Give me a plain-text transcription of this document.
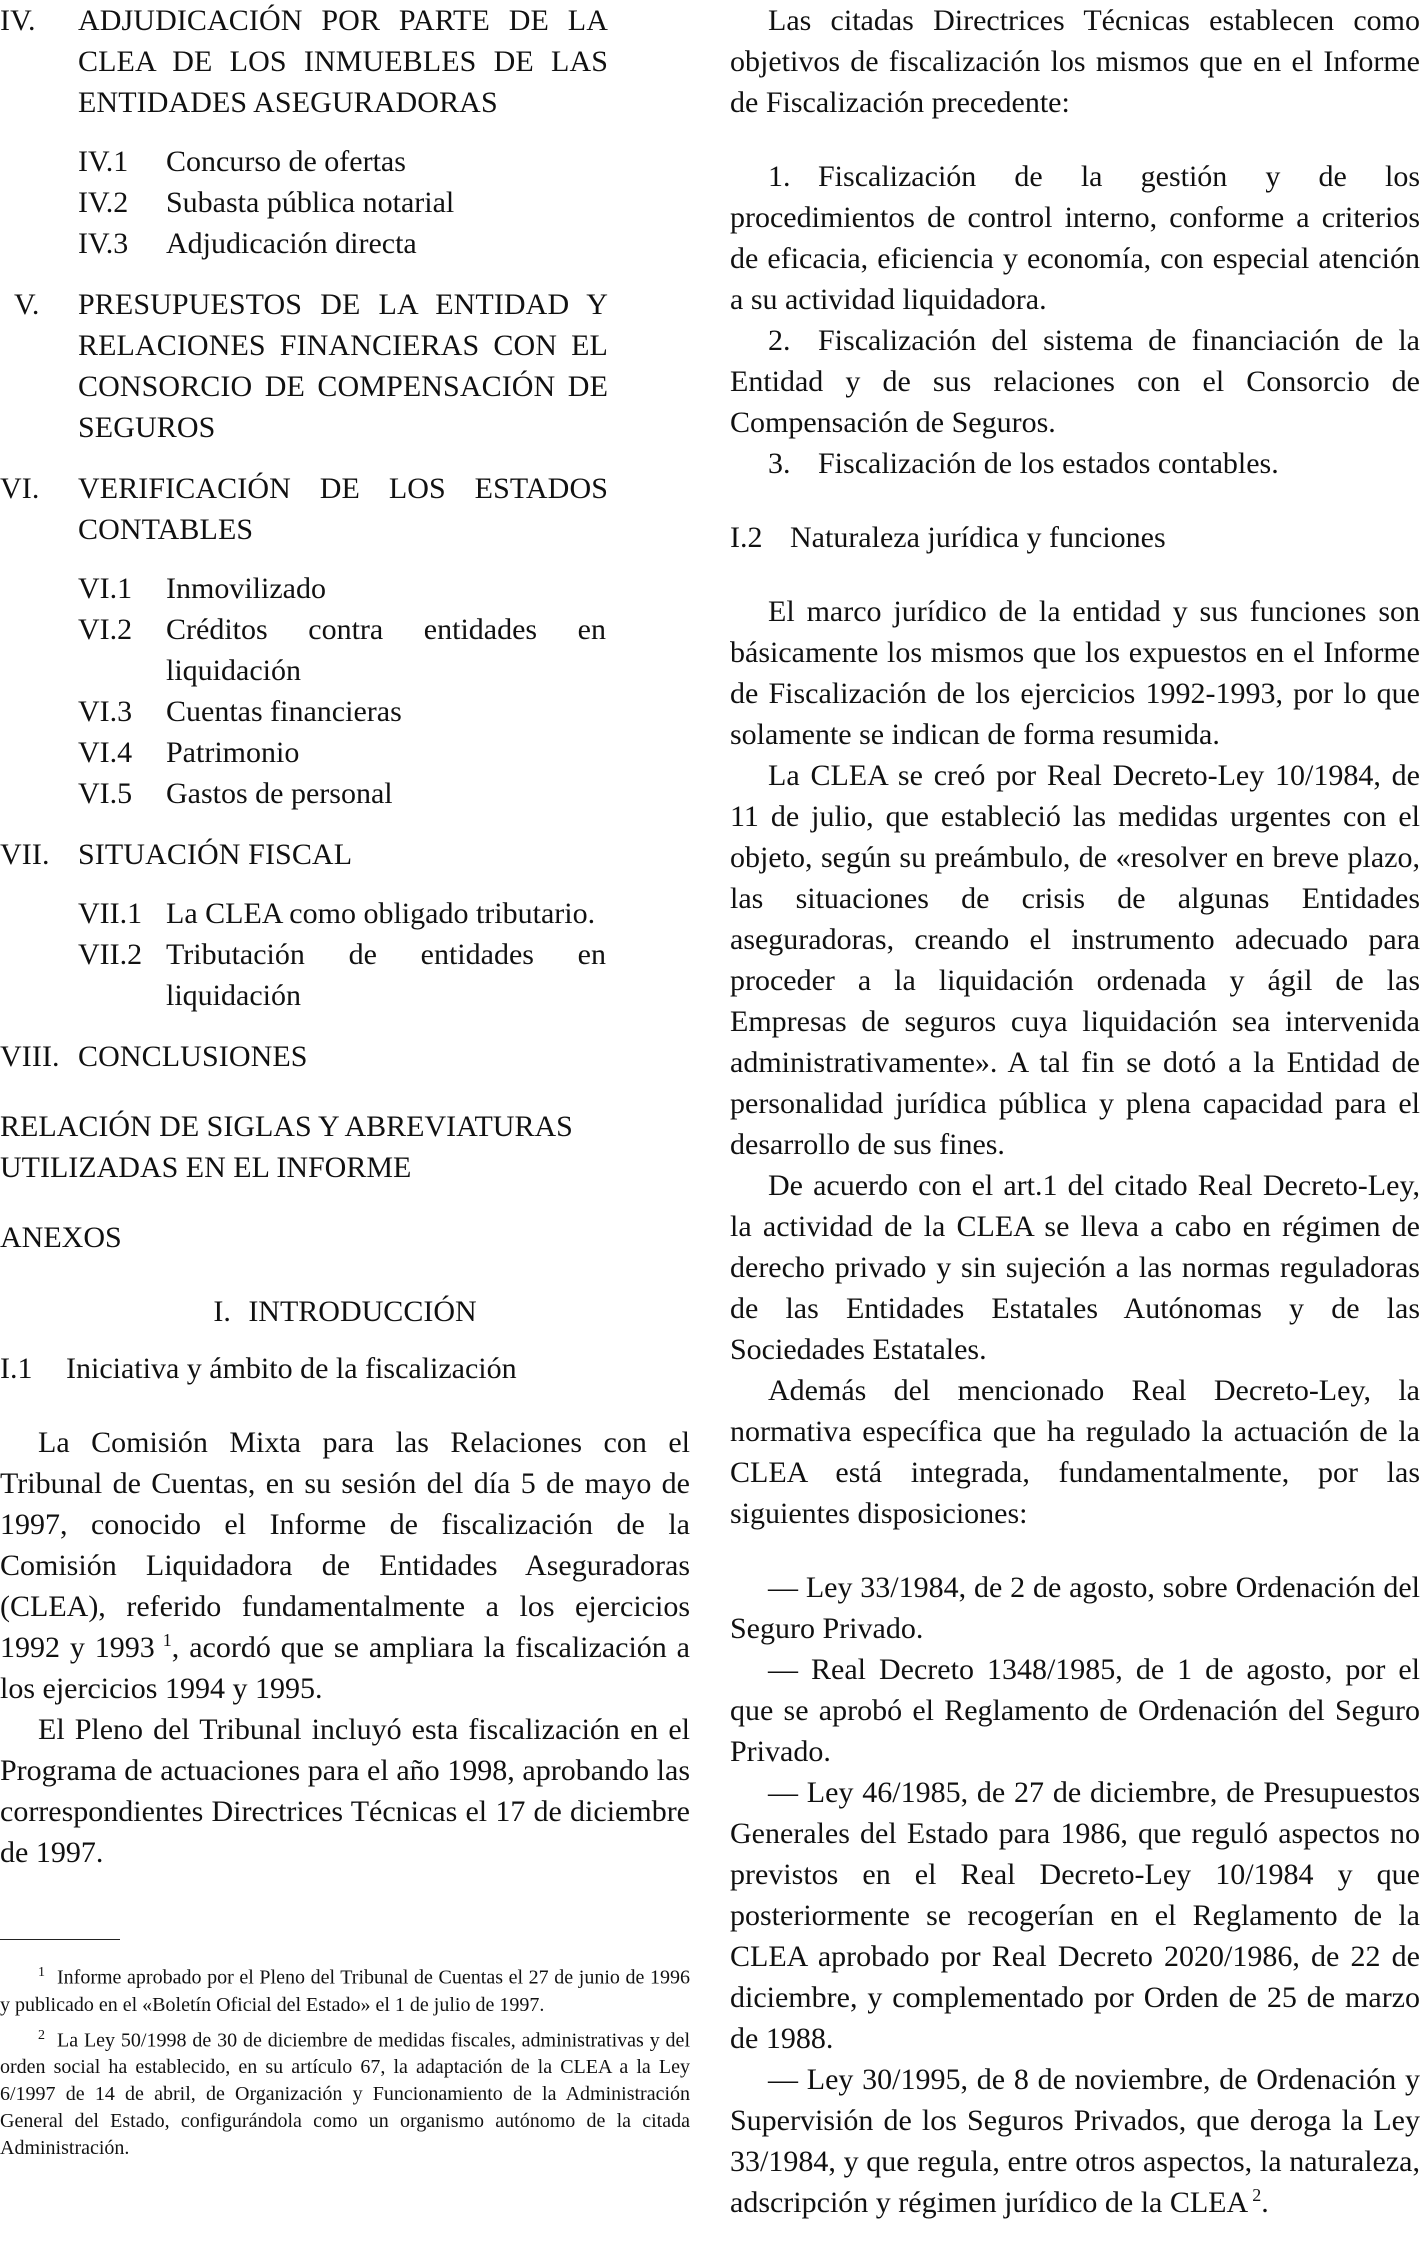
IV.	ADJUDICACIÓN POR PARTE DE LA CLEA DE LOS INMUEBLES DE LAS ENTIDADES ASEGURADORAS
IV.1	Concurso de ofertas
IV.2	Subasta pública notarial
IV.3	Adjudicación directa
V.	PRESUPUESTOS DE LA ENTIDAD Y RELACIONES FINANCIERAS CON EL CONSORCIO DE COMPENSACIÓN DE SEGUROS
VI.	VERIFICACIÓN DE LOS ESTADOS CONTABLES
VI.1	Inmovilizado
VI.2	Créditos contra entidades en liquidación
VI.3	Cuentas financieras
VI.4	Patrimonio
VI.5	Gastos de personal
VII. SITUACIÓN FISCAL
VII.1 La CLEA como obligado tributario.
VII.2 Tributación de entidades en liquidación
VIII. CONCLUSIONES

RELACIÓN DE SIGLAS Y ABREVIATURAS UTILIZADAS EN EL INFORME

ANEXOS

I. INTRODUCCIÓN

I.1 Iniciativa y ámbito de la fiscalización

La Comisión Mixta para las Relaciones con el Tribunal de Cuentas, en su sesión del día 5 de mayo de 1997, conocido el Informe de fiscalización de la Comisión Liquidadora de Entidades Aseguradoras (CLEA), referido fundamentalmente a los ejercicios 1992 y 1993 $^1$, acordó que se ampliara la fiscalización a los ejercicios 1994 y 1995.

El Pleno del Tribunal incluyó esta fiscalización en el Programa de actuaciones para el año 1998, aprobando las correspondientes Directrices Técnicas el 17 de diciembre de 1997.

$^1$ Informe aprobado por el Pleno del Tribunal de Cuentas el 27 de junio de 1996 y publicado en el «Boletín Oficial del Estado» el 1 de julio de 1997.

$^2$ La Ley 50/1998 de 30 de diciembre de medidas fiscales, administrativas y del orden social ha establecido, en su artículo 67, la adaptación de la CLEA a la Ley 6/1997 de 14 de abril, de Organización y Funcionamiento de la Administración General del Estado, configurándola como un organismo autónomo de la citada Administración.

Las citadas Directrices Técnicas establecen como objetivos de fiscalización los mismos que en el Informe de Fiscalización precedente:

1. Fiscalización de la gestión y de los procedimientos de control interno, conforme a criterios de eficacia, eficiencia y economía, con especial atención a su actividad liquidadora.

2. Fiscalización del sistema de financiación de la Entidad y de sus relaciones con el Consorcio de Compensación de Seguros.

3. Fiscalización de los estados contables.

I.2 Naturaleza jurídica y funciones

El marco jurídico de la entidad y sus funciones son básicamente los mismos que los expuestos en el Informe de Fiscalización de los ejercicios 1992-1993, por lo que solamente se indican de forma resumida.

La CLEA se creó por Real Decreto-Ley 10/1984, de 11 de julio, que estableció las medidas urgentes con el objeto, según su preámbulo, de «resolver en breve plazo, las situaciones de crisis de algunas Entidades aseguradoras, creando el instrumento adecuado para proceder a la liquidación ordenada y ágil de las Empresas de seguros cuya liquidación sea intervenida administrativamente». A tal fin se dotó a la Entidad de personalidad jurídica pública y plena capacidad para el desarrollo de sus fines.

De acuerdo con el art.1 del citado Real Decreto-Ley, la actividad de la CLEA se lleva a cabo en régimen de derecho privado y sin sujeción a las normas reguladoras de las Entidades Estatales Autónomas y de las Sociedades Estatales.

Además del mencionado Real Decreto-Ley, la normativa específica que ha regulado la actuación de la CLEA está integrada, fundamentalmente, por las siguientes disposiciones:

— Ley 33/1984, de 2 de agosto, sobre Ordenación del Seguro Privado.

— Real Decreto 1348/1985, de 1 de agosto, por el que se aprobó el Reglamento de Ordenación del Seguro Privado.

— Ley 46/1985, de 27 de diciembre, de Presupuestos Generales del Estado para 1986, que reguló aspectos no previstos en el Real Decreto-Ley 10/1984 y que posteriormente se recogerían en el Reglamento de la CLEA aprobado por Real Decreto 2020/1986, de 22 de diciembre, y complementado por Orden de 25 de marzo de 1988.

— Ley 30/1995, de 8 de noviembre, de Ordenación y Supervisión de los Seguros Privados, que deroga la Ley 33/1984, y que regula, entre otros aspectos, la naturaleza, adscripción y régimen jurídico de la CLEA $^2$.
